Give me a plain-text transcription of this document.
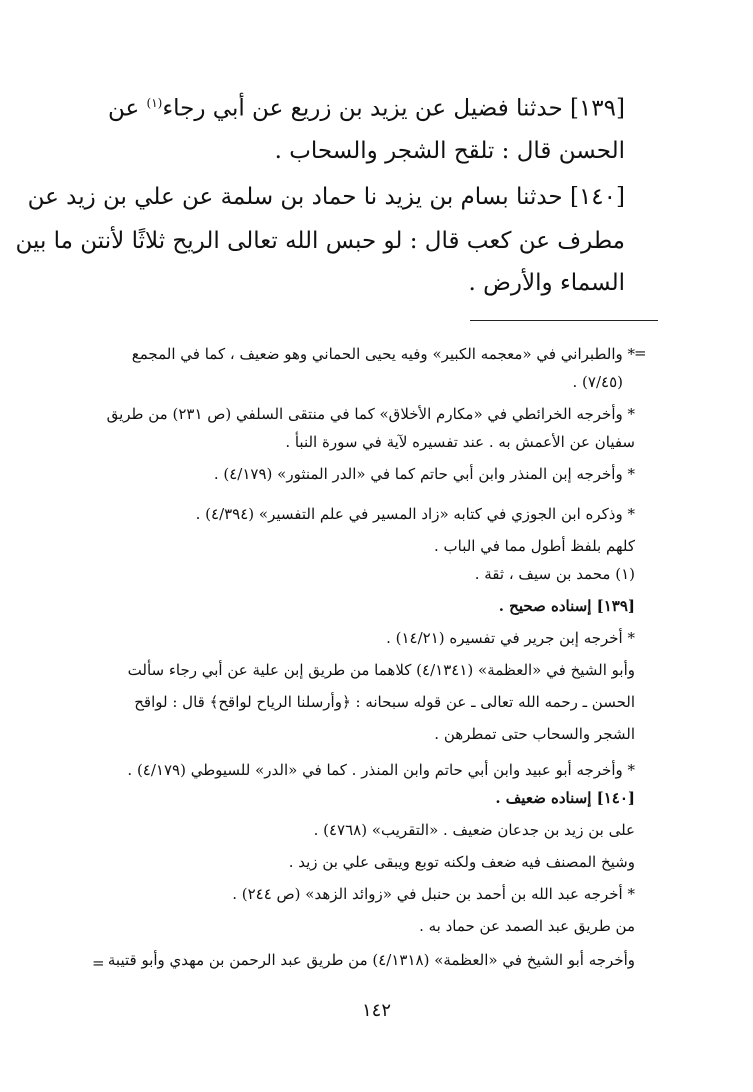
[١٣٩] حدثنا فضيل عن يزيد بن زريع عن أبي رجاء$^{(١)}$ عن
الحسن قال : تلقح الشجر والسحاب .
[١٤٠] حدثنا بسام بن يزيد نا حماد بن سلمة عن علي بن زيد عن
مطرف عن كعب قال : لو حبس الله تعالى الريح ثلاثًا لأنتن ما بين
السماء والأرض .
=
* والطبراني في «معجمه الكبير» وفيه يحيى الحماني وهو ضعيف ، كما في المجمع
(٧/٤٥) .
* وأخرجه الخرائطي في «مكارم الأخلاق» كما في منتقى السلفي (ص ٢٣١) من طريق
سفيان عن الأعمش به . عند تفسيره لآية في سورة النبأ .
* وأخرجه إبن المنذر وابن أبي حاتم كما في «الدر المنثور» (٤/١٧٩) .
* وذكره ابن الجوزي في كتابه «زاد المسير في علم التفسير» (٤/٣٩٤) .
كلهم بلفظ أطول مما في الباب .
(١) محمد بن سيف ، ثقة .
[١٣٩] إسناده صحيح .
* أخرجه إبن جرير في تفسيره (١٤/٢١) .
وأبو الشيخ في «العظمة» (٤/١٣٤١) كلاهما من طريق إبن علية عن أبي رجاء سألت
الحسن ـ رحمه الله تعالى ـ عن قوله سبحانه : ﴿وأرسلنا الرياح لواقح﴾ قال : لواقح
الشجر والسحاب حتى تمطرهن .
* وأخرجه أبو عبيد وابن أبي حاتم وابن المنذر . كما في «الدر» للسيوطي (٤/١٧٩) .
[١٤٠] إسناده ضعيف .
على بن زيد بن جدعان ضعيف . «التقريب» (٤٧٦٨) .
وشيخ المصنف فيه ضعف ولكنه توبع ويبقى علي بن زيد .
* أخرجه عبد الله بن أحمد بن حنبل في «زوائد الزهد» (ص ٢٤٤) .
من طريق عبد الصمد عن حماد به .
وأخرجه أبو الشيخ في «العظمة» (٤/١٣١٨) من طريق عبد الرحمن بن مهدي وأبو قتيبة
=
١٤٢
